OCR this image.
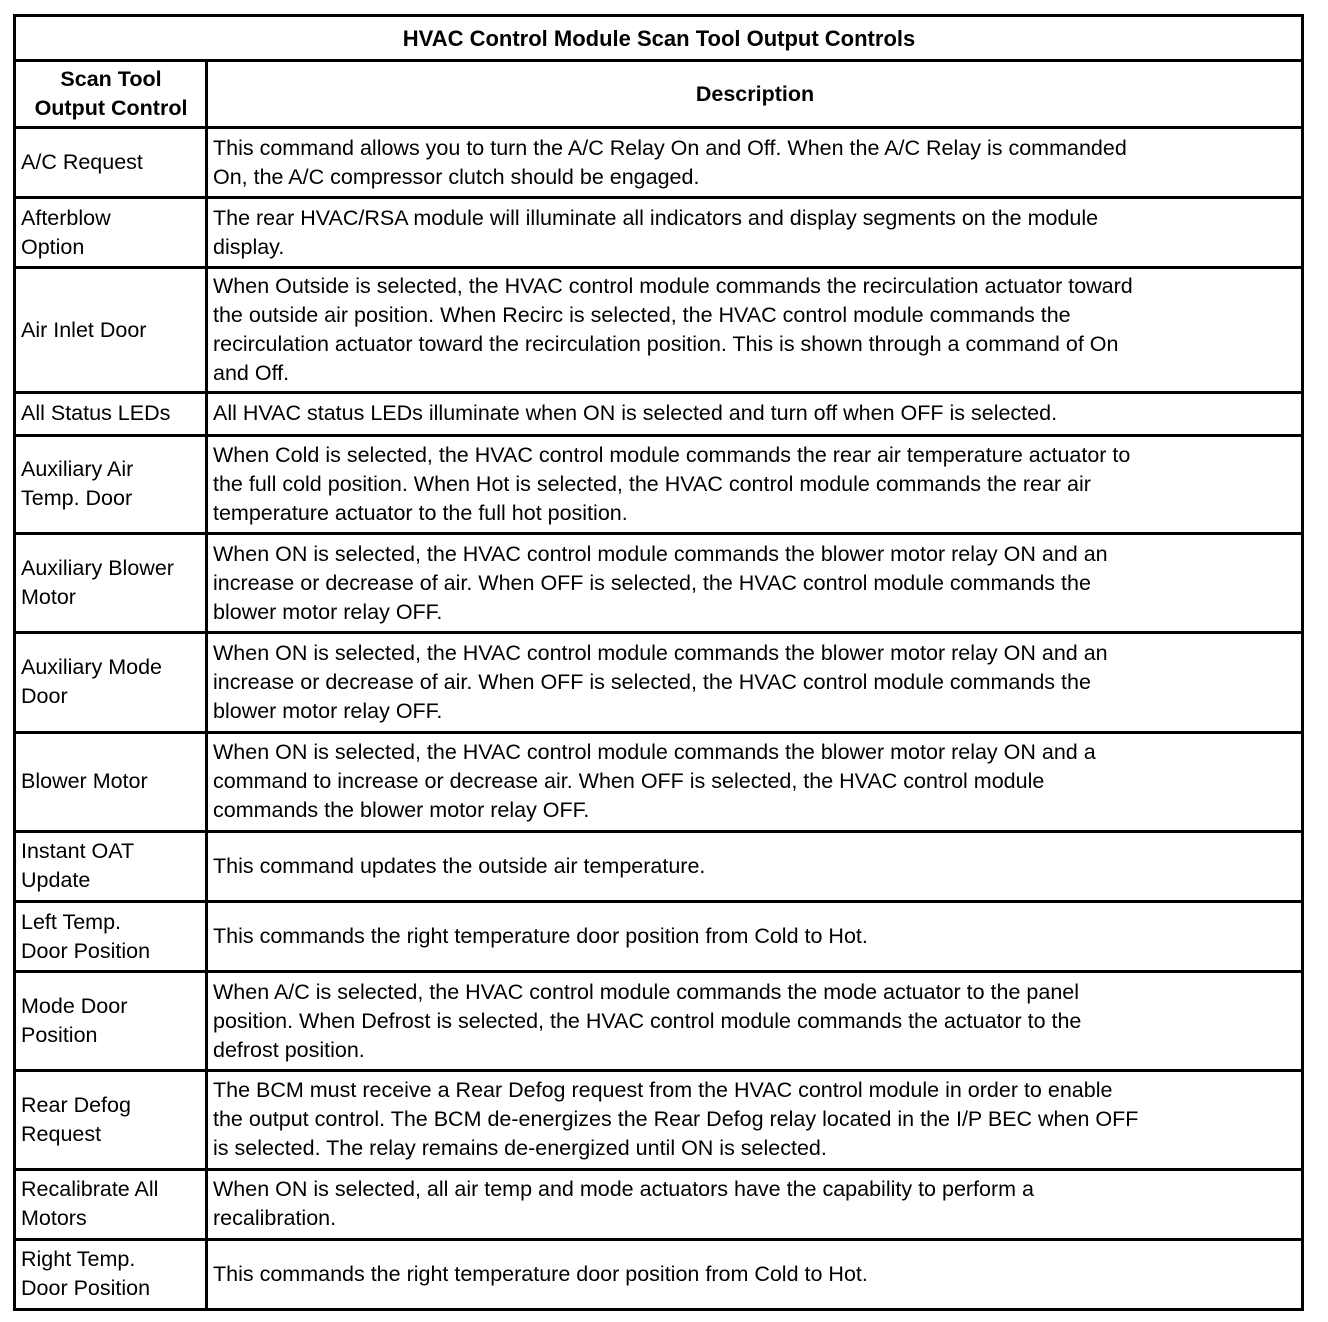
HVAC Control Module Scan Tool Output Controls	
Scan Tool
Output Control	Description
A/C Request	This command allows you to turn the A/C Relay On and Off. When the A/C Relay is commanded
On, the A/C compressor clutch should be engaged.
Afterblow
Option	The rear HVAC/RSA module will illuminate all indicators and display segments on the module
display.
Air Inlet Door	When Outside is selected, the HVAC control module commands the recirculation actuator toward
the outside air position. When Recirc is selected, the HVAC control module commands the
recirculation actuator toward the recirculation position. This is shown through a command of On
and Off.
All Status LEDs	All HVAC status LEDs illuminate when ON is selected and turn off when OFF is selected.
Auxiliary Air
Temp. Door	When Cold is selected, the HVAC control module commands the rear air temperature actuator to
the full cold position. When Hot is selected, the HVAC control module commands the rear air
temperature actuator to the full hot position.
Auxiliary Blower
Motor	When ON is selected, the HVAC control module commands the blower motor relay ON and an
increase or decrease of air. When OFF is selected, the HVAC control module commands the
blower motor relay OFF.
Auxiliary Mode
Door	When ON is selected, the HVAC control module commands the blower motor relay ON and an
increase or decrease of air. When OFF is selected, the HVAC control module commands the
blower motor relay OFF.
Blower Motor	When ON is selected, the HVAC control module commands the blower motor relay ON and a
command to increase or decrease air. When OFF is selected, the HVAC control module
commands the blower motor relay OFF.
Instant OAT
Update	This command updates the outside air temperature.
Left Temp.
Door Position	This commands the right temperature door position from Cold to Hot.
Mode Door
Position	When A/C is selected, the HVAC control module commands the mode actuator to the panel
position. When Defrost is selected, the HVAC control module commands the actuator to the
defrost position.
Rear Defog
Request	The BCM must receive a Rear Defog request from the HVAC control module in order to enable
the output control. The BCM de-energizes the Rear Defog relay located in the I/P BEC when OFF
is selected. The relay remains de-energized until ON is selected.
Recalibrate All
Motors	When ON is selected, all air temp and mode actuators have the capability to perform a
recalibration.
Right Temp.
Door Position	This commands the right temperature door position from Cold to Hot.
